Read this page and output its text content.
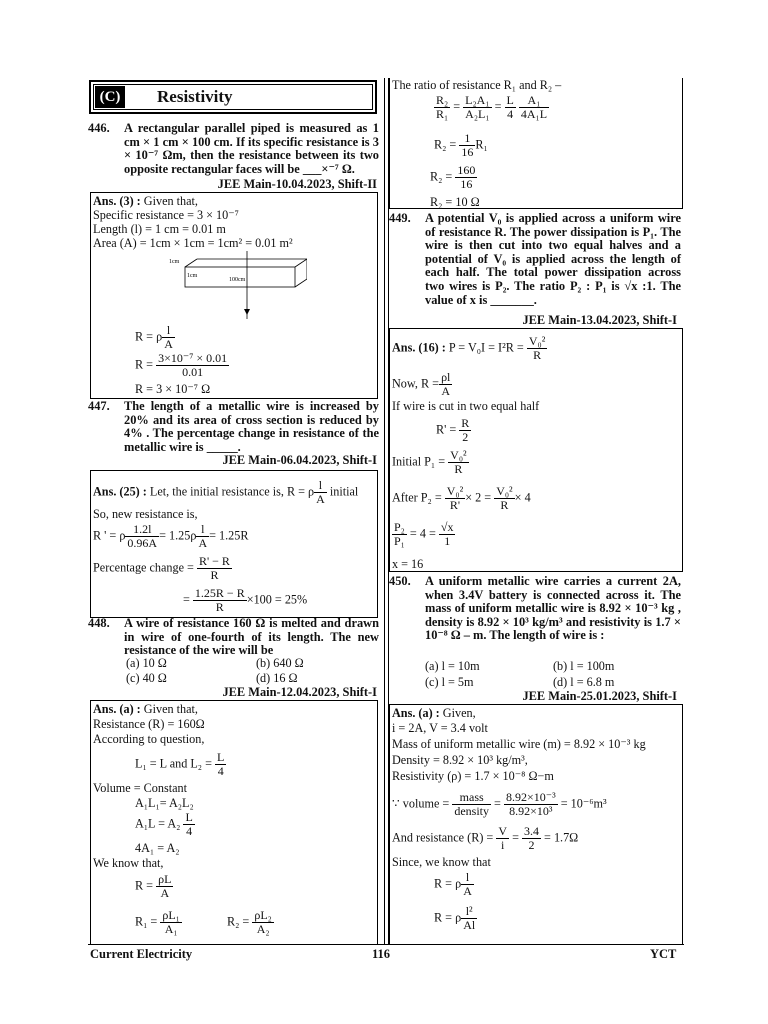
(C) Resistivity
446. A rectangular parallel piped is measured as 1 cm × 1 cm × 100 cm. If its specific resistance is 3 × 10⁻⁷ Ωm, then the resistance between its two opposite rectangular faces will be ___×⁻⁷ Ω.
JEE Main-10.04.2023, Shift-II
Ans. (3) : Given that,
Specific resistance = 3 × 10⁻⁷
Length (l) = 1 cm = 0.01 m
Area (A) = 1cm × 1cm = 1cm² = 0.01 m²
1cm
1cm
100cm
R = ρ $\frac{l}{A}$
$R = \frac{\text{3×10⁻⁷ × 0.01}}{0.01}$
R = 3 × 10⁻⁷ Ω
447. The length of a metallic wire is increased by 20% and its area of cross section is reduced by 4% . The percentage change in resistance of the metallic wire is _____.
JEE Main-06.04.2023, Shift-I
Ans. (25) : Let, the initial resistance is, R = ρ $\frac{l}{A}$ initial
So, new resistance is,
R ' = ρ $\frac{1.2l}{0.96A} = 1.25\rho \frac{l}{A} = 1.25R$
Percentage change = $\frac{R' - R}{R}$
= $\frac{1.25R - R}{R} \times 100 = 25\%$
448. A wire of resistance 160 Ω is melted and drawn in wire of one-fourth of its length. The new resistance of the wire will be
(a) 10 Ω	(b) 640 Ω
(c) 40 Ω	(d) 16 Ω
JEE Main-12.04.2023, Shift-I
Ans. (a) : Given that,
Resistance (R) = 160Ω
According to question,
L₁ = L and $L_2 = \frac{L}{4}$
Volume = Constant
A₁L₁= A₂L₂
$A_1L = A_2 \frac{L}{4}$
4A₁ = A₂
We know that,
$R = \frac{\rho L}{A}$
$R_1 = \frac{\text{ρL₁}}{\text{A₁}}$	$R_2 = \frac{\text{ρL₂}}{\text{A₂}}$
The ratio of resistance R₁ and R₂ –
$\frac{\text{R₂}}{\text{R₁}} = \frac{\text{L₂A₁}}{\text{A₂L₁}} = \frac{L}{4}$
$\frac{\text{A₁}}{\text{4A₁L}}$
$R_2 = \frac{1}{16} R_1$
$R_2 = \frac{160}{16}$
R₂ = 10 Ω
449. A potential V₀ is applied across a uniform wire of resistance R. The power dissipation is P₁. The wire is then cut into two equal halves and a potential of V₀ is applied across the length of each half. The total power dissipation across two wires is P₂. The ratio P₂ : P₁ is √x :1. The value of x is _______.
JEE Main-13.04.2023, Shift-I
Ans. (16) : $P = V_0I = I^2R = \frac{\text{V₀²}}{R}$
Now, $R = \frac{\rho l}{A}$
If wire is cut in two equal half
$R' = \frac{R}{2}$
Initial $P_1 = \frac{\text{V₀²}}{R}$
After $P_2 = \frac{\text{V₀²}}{R'} \times 2 = \frac{\text{V₀²}}{R} \times 4$
$\frac{\text{P₂}}{\text{P₁}} = 4 = \frac{√x}{1}$
x = 16
450. A uniform metallic wire carries a current 2A, when 3.4V battery is connected across it. The mass of uniform metallic wire is 8.92 × 10⁻³ kg , density is 8.92 × 10³ kg/m³ and resistivity is 1.7 × 10⁻⁸ Ω – m. The length of wire is :
(a) l = 10m	(b) l = 100m
(c) l = 5m	(d) l = 6.8 m
JEE Main-25.01.2023, Shift-I
Ans. (a) : Given,
i = 2A, V = 3.4 volt
Mass of uniform metallic wire (m) = 8.92 × 10⁻³ kg
Density = 8.92 × 10³ kg/m³,
Resistivity (ρ) = 1.7 × 10⁻⁸ Ω−m
∵ volume = mass
density
= $\frac{\text{8.92×10⁻³}}{\text{8.92×10³}} = 10^{-6}m^3$
And resistance $(R) = \frac{V}{i} = \frac{3.4}{2} = 1.7\Omega$
Since, we know that
R = ρ $\frac{l}{A}$
R = ρ $\frac{\text{l²}}{Al}$
Current Electricity	116	YCT
